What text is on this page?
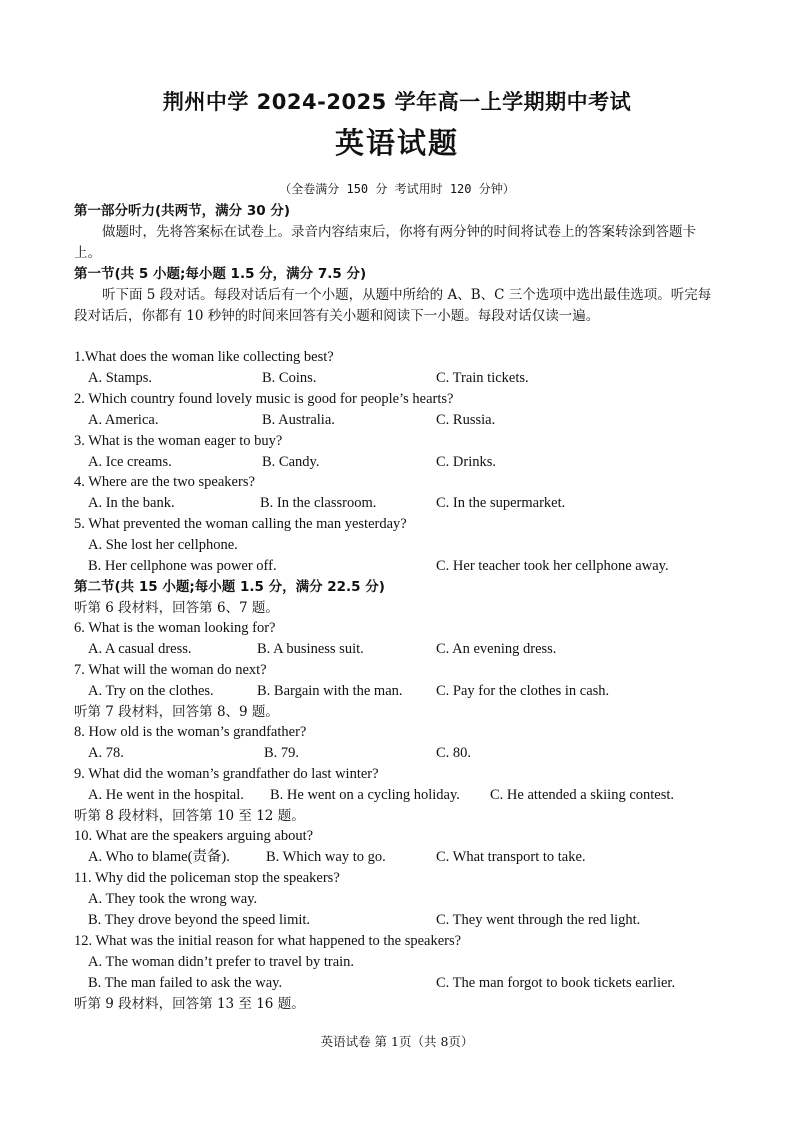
荆州中学 2024-2025 学年高一上学期期中考试
英语试题
（全卷满分 150 分 考试用时 120 分钟）
第一部分听力(共两节，满分 30 分)
做题时，先将答案标在试卷上。录音内容结束后，你将有两分钟的时间将试卷上的答案转涂到答题卡上。
第一节(共 5 小题;每小题 1.5 分，满分 7.5 分)
听下面 5 段对话。每段对话后有一个小题，从题中所给的 A、B、C 三个选项中选出最佳选项。听完每段对话后，你都有 10 秒钟的时间来回答有关小题和阅读下一小题。每段对话仅读一遍。
1.What does the woman like collecting best?
A. Stamps.	B. Coins.	C. Train tickets.
2. Which country found lovely music is good for people’s hearts?
A. America.	B. Australia.	C. Russia.
3. What is the woman eager to buy?
A. Ice creams.	B. Candy.	C. Drinks.
4. Where are the two speakers?
A. In the bank.	B. In the classroom.	C. In the supermarket.
5. What prevented the woman calling the man yesterday?
A. She lost her cellphone.
B. Her cellphone was power off.	C. Her teacher took her cellphone away.
第二节(共 15 小题;每小题 1.5 分，满分 22.5 分)
听第 6 段材料，回答第 6、7 题。
6. What is the woman looking for?
A. A casual dress.	B. A business suit.	C. An evening dress.
7. What will the woman do next?
A. Try on the clothes.	B. Bargain with the man. C. Pay for the clothes in cash.
听第 7 段材料，回答第 8、9 题。
8. How old is the woman’s grandfather?
A. 78.	B. 79.	C. 80.
9. What did the woman’s grandfather do last winter?
A. He went in the hospital. B. He went on a cycling holiday. C. He attended a skiing contest.
听第 8 段材料，回答第 10 至 12 题。
10. What are the speakers arguing about?
A. Who to blame(责备). B. Which way to go.	C. What transport to take.
11. Why did the policeman stop the speakers?
A. They took the wrong way.
B. They drove beyond the speed limit.	C. They went through the red light.
12. What was the initial reason for what happened to the speakers?
A. The woman didn’t prefer to travel by train.
B. The man failed to ask the way.	C. The man forgot to book tickets earlier.
听第 9 段材料，回答第 13 至 16 题。
英语试卷 第 1页（共 8页）
